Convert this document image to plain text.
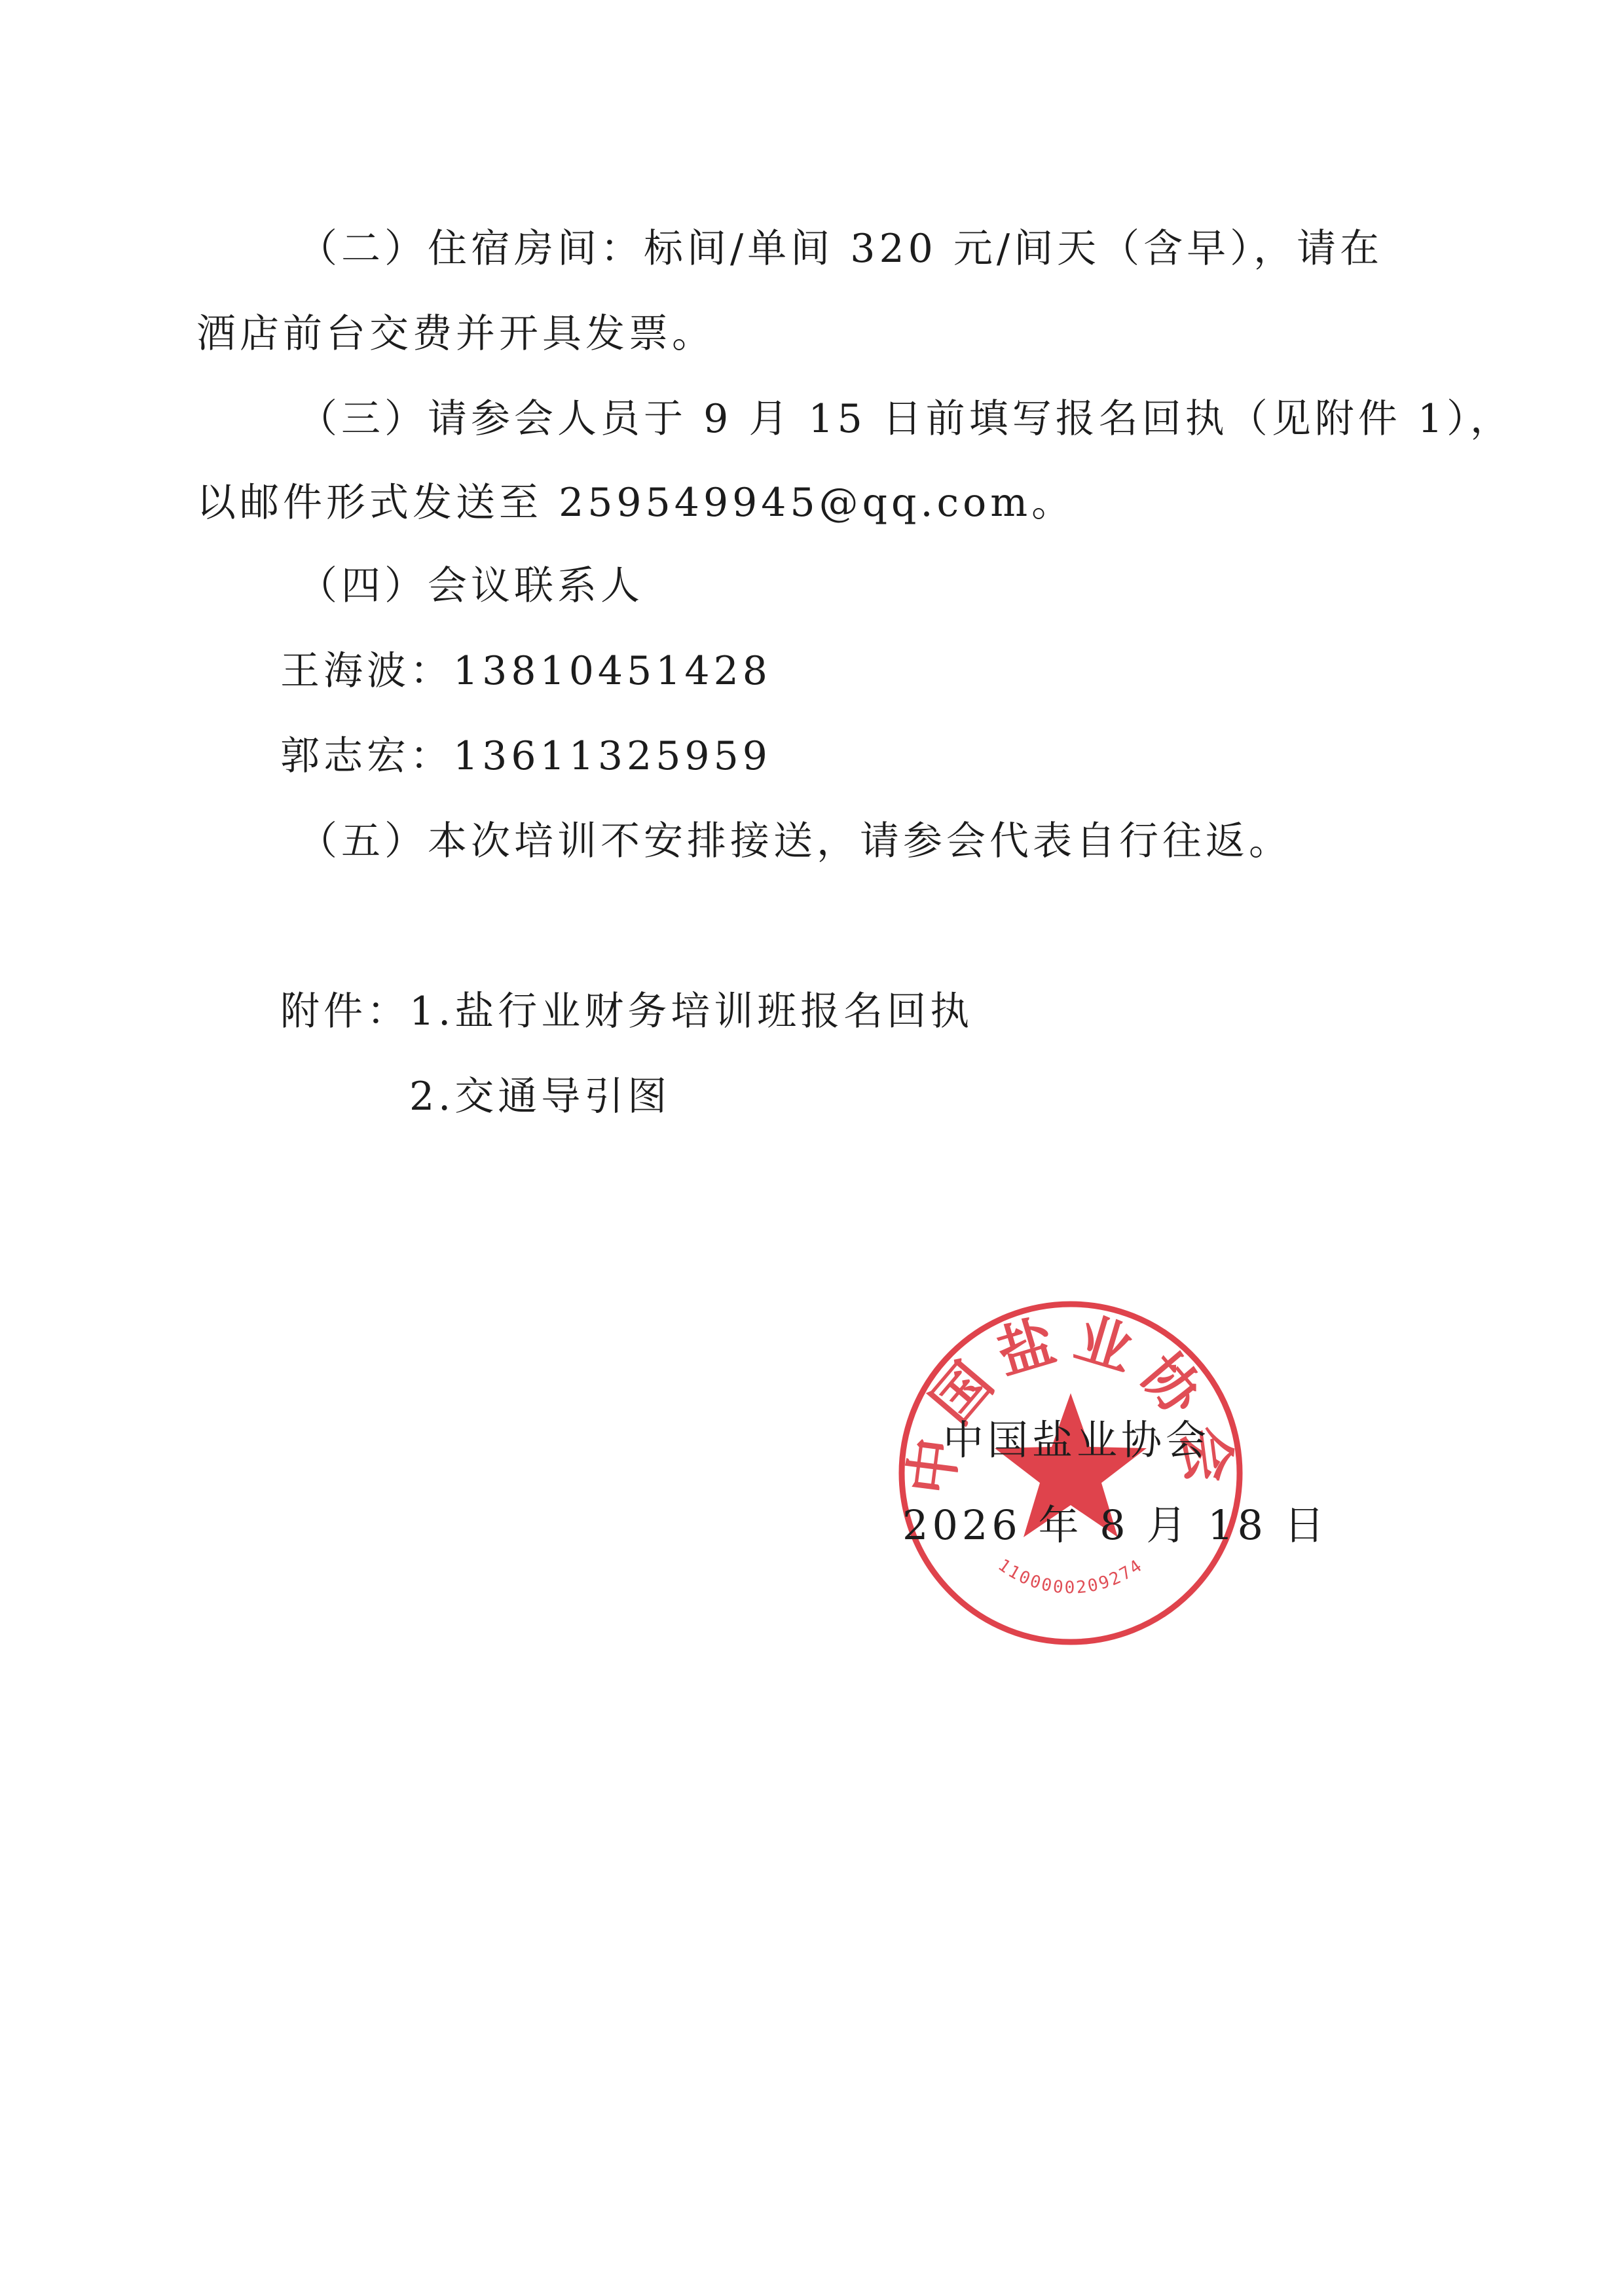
（二）住宿房间：标间/单间 320 元/间天（含早），请在
酒店前台交费并开具发票。
（三）请参会人员于 9 月 15 日前填写报名回执（见附件 1），
以邮件形式发送至 259549945@qq.com。
（四）会议联系人
王海波：13810451428
郭志宏：13611325959
（五）本次培训不安排接送，请参会代表自行往返。
附件： 1.盐行业财务培训班报名回执
2.交通导引图
中国盐业协会
1100000209274
中国盐业协会
2026 年 8 月 18 日
